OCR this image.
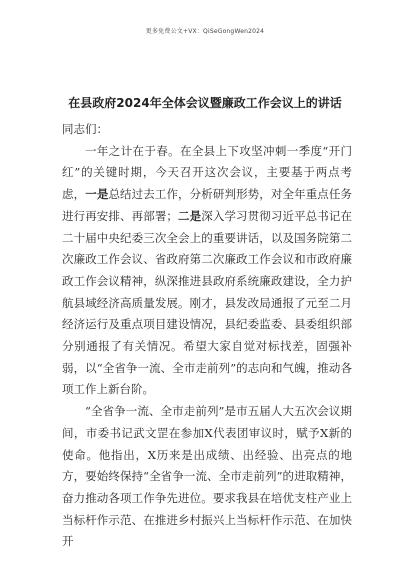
更多免费公文+VX：QiSeGongWen2024
在县政府2024年全体会议暨廉政工作会议上的讲话

同志们：

一年之计在于春。在全县上下攻坚冲刺一季度“开门红”的关键时期，今天召开这次会议，主要基于两点考虑，一是总结过去工作，分析研判形势，对全年重点任务进行再安排、再部署；二是深入学习贯彻习近平总书记在二十届中央纪委三次全会上的重要讲话，以及国务院第二次廉政工作会议、省政府第二次廉政工作会议和市政府廉政工作会议精神，纵深推进县政府系统廉政建设，全力护航县域经济高质量发展。刚才，县发改局通报了元至二月经济运行及重点项目建设情况，县纪委监委、县委组织部分别通报了有关情况。希望大家自觉对标找差，固强补弱，以“全省争一流、全市走前列”的志向和气魄，推动各项工作上新台阶。

“全省争一流、全市走前列”是市五届人大五次会议期间，市委书记武文罡在参加X代表团审议时，赋予X新的使命。他指出，X历来是出成绩、出经验、出亮点的地方，要始终保持“全省争一流、全市走前列”的进取精神，奋力推动各项工作争先进位。要求我县在培优支柱产业上当标杆作示范、在推进乡村振兴上当标杆作示范、在加快开
